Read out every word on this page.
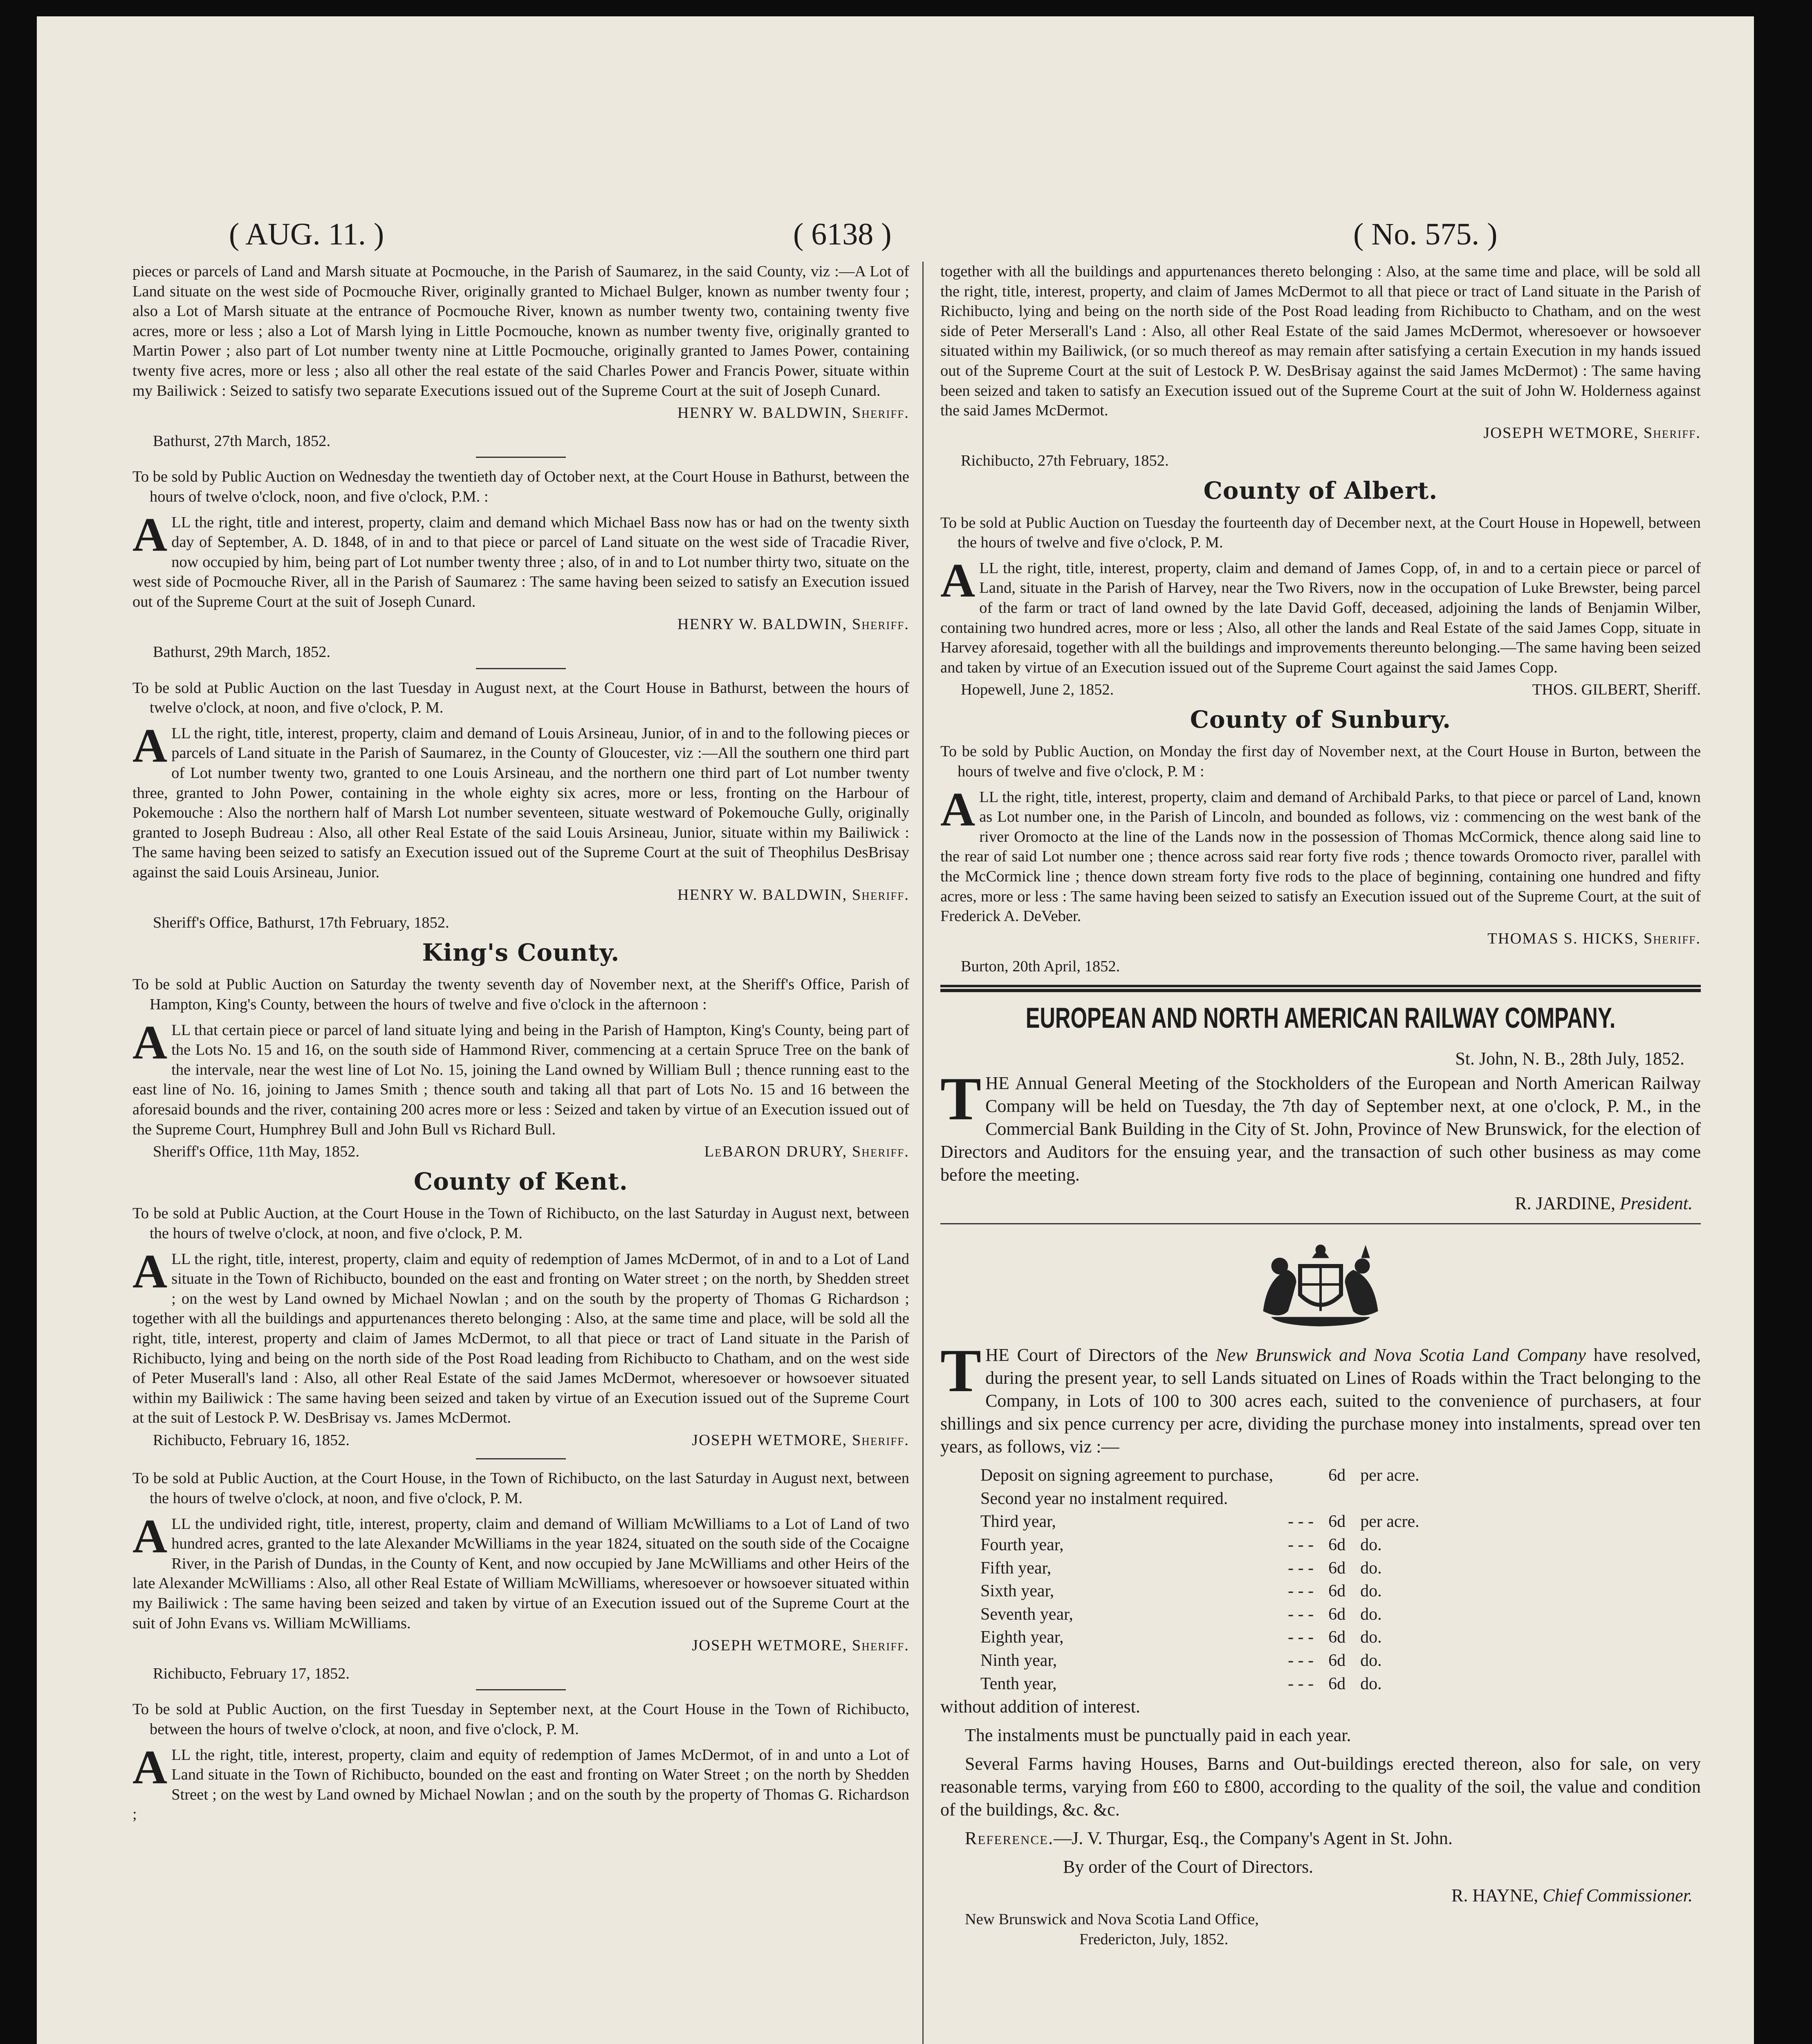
( AUG. 11. )	( 6138 )	( No. 575. )

pieces or parcels of Land and Marsh situate at Pocmouche, in the Parish of Saumarez, in the said County, viz :—A Lot of Land situate on the west side of Pocmouche River, originally granted to Michael Bulger, known as number twenty four ; also a Lot of Marsh situate at the entrance of Pocmouche River, known as number twenty two, containing twenty five acres, more or less ; also a Lot of Marsh lying in Little Pocmouche, known as number twenty five, originally granted to Martin Power ; also part of Lot number twenty nine at Little Pocmouche, originally granted to James Power, containing twenty five acres, more or less ; also all other the real estate of the said Charles Power and Francis Power, situate within my Bailiwick : Seized to satisfy two separate Executions issued out of the Supreme Court at the suit of Joseph Cunard.

HENRY W. BALDWIN, Sheriff.

Bathurst, 27th March, 1852.

To be sold by Public Auction on Wednesday the twentieth day of October next, at the Court House in Bathurst, between the hours of twelve o'clock, noon, and five o'clock, P.M. :

ALL the right, title and interest, property, claim and demand which Michael Bass now has or had on the twenty sixth day of September, A. D. 1848, of in and to that piece or parcel of Land situate on the west side of Tracadie River, now occupied by him, being part of Lot number twenty three ; also, of in and to Lot number thirty two, situate on the west side of Pocmouche River, all in the Parish of Saumarez : The same having been seized to satisfy an Execution issued out of the Supreme Court at the suit of Joseph Cunard.

HENRY W. BALDWIN, Sheriff.

Bathurst, 29th March, 1852.

To be sold at Public Auction on the last Tuesday in August next, at the Court House in Bathurst, between the hours of twelve o'clock, at noon, and five o'clock, P. M.

ALL the right, title, interest, property, claim and demand of Louis Arsineau, Junior, of in and to the following pieces or parcels of Land situate in the Parish of Saumarez, in the County of Gloucester, viz :—All the southern one third part of Lot number twenty two, granted to one Louis Arsineau, and the northern one third part of Lot number twenty three, granted to John Power, containing in the whole eighty six acres, more or less, fronting on the Harbour of Pokemouche : Also the northern half of Marsh Lot number seventeen, situate westward of Pokemouche Gully, originally granted to Joseph Budreau : Also, all other Real Estate of the said Louis Arsineau, Junior, situate within my Bailiwick : The same having been seized to satisfy an Execution issued out of the Supreme Court at the suit of Theophilus DesBrisay against the said Louis Arsineau, Junior.

HENRY W. BALDWIN, Sheriff.

Sheriff's Office, Bathurst, 17th February, 1852.

King's County.

To be sold at Public Auction on Saturday the twenty seventh day of November next, at the Sheriff's Office, Parish of Hampton, King's County, between the hours of twelve and five o'clock in the afternoon :

ALL that certain piece or parcel of land situate lying and being in the Parish of Hampton, King's County, being part of the Lots No. 15 and 16, on the south side of Hammond River, commencing at a certain Spruce Tree on the bank of the intervale, near the west line of Lot No. 15, joining the Land owned by William Bull ; thence running east to the east line of No. 16, joining to James Smith ; thence south and taking all that part of Lots No. 15 and 16 between the aforesaid bounds and the river, containing 200 acres more or less : Seized and taken by virtue of an Execution issued out of the Supreme Court, Humphrey Bull and John Bull vs Richard Bull.

Sheriff's Office, 11th May, 1852.	LeBARON DRURY, Sheriff.
County of Kent.

To be sold at Public Auction, at the Court House in the Town of Richibucto, on the last Saturday in August next, between the hours of twelve o'clock, at noon, and five o'clock, P. M.

ALL the right, title, interest, property, claim and equity of redemption of James McDermot, of in and to a Lot of Land situate in the Town of Richibucto, bounded on the east and fronting on Water street ; on the north, by Shedden street ; on the west by Land owned by Michael Nowlan ; and on the south by the property of Thomas G Richardson ; together with all the buildings and appurtenances thereto belonging : Also, at the same time and place, will be sold all the right, title, interest, property and claim of James McDermot, to all that piece or tract of Land situate in the Parish of Richibucto, lying and being on the north side of the Post Road leading from Richibucto to Chatham, and on the west side of Peter Muserall's land : Also, all other Real Estate of the said James McDermot, wheresoever or howsoever situated within my Bailiwick : The same having been seized and taken by virtue of an Execution issued out of the Supreme Court at the suit of Lestock P. W. DesBrisay vs. James McDermot.

Richibucto, February 16, 1852.	JOSEPH WETMORE, Sheriff.

To be sold at Public Auction, at the Court House, in the Town of Richibucto, on the last Saturday in August next, between the hours of twelve o'clock, at noon, and five o'clock, P. M.

ALL the undivided right, title, interest, property, claim and demand of William McWilliams to a Lot of Land of two hundred acres, granted to the late Alexander McWilliams in the year 1824, situated on the south side of the Cocaigne River, in the Parish of Dundas, in the County of Kent, and now occupied by Jane McWilliams and other Heirs of the late Alexander McWilliams : Also, all other Real Estate of William McWilliams, wheresoever or howsoever situated within my Bailiwick : The same having been seized and taken by virtue of an Execution issued out of the Supreme Court at the suit of John Evans vs. William McWilliams.

JOSEPH WETMORE, Sheriff.

Richibucto, February 17, 1852.

To be sold at Public Auction, on the first Tuesday in September next, at the Court House in the Town of Richibucto, between the hours of twelve o'clock, at noon, and five o'clock, P. M.

ALL the right, title, interest, property, claim and equity of redemption of James McDermot, of in and unto a Lot of Land situate in the Town of Richibucto, bounded on the east and fronting on Water Street ; on the north by Shedden Street ; on the west by Land owned by Michael Nowlan ; and on the south by the property of Thomas G. Richardson ;

together with all the buildings and appurtenances thereto belonging : Also, at the same time and place, will be sold all the right, title, interest, property, and claim of James McDermot to all that piece or tract of Land situate in the Parish of Richibucto, lying and being on the north side of the Post Road leading from Richibucto to Chatham, and on the west side of Peter Merserall's Land : Also, all other Real Estate of the said James McDermot, wheresoever or howsoever situated within my Bailiwick, (or so much thereof as may remain after satisfying a certain Execution in my hands issued out of the Supreme Court at the suit of Lestock P. W. DesBrisay against the said James McDermot) : The same having been seized and taken to satisfy an Execution issued out of the Supreme Court at the suit of John W. Holderness against the said James McDermot.

JOSEPH WETMORE, Sheriff.

Richibucto, 27th February, 1852.

County of Albert.

To be sold at Public Auction on Tuesday the fourteenth day of December next, at the Court House in Hopewell, between the hours of twelve and five o'clock, P. M.

ALL the right, title, interest, property, claim and demand of James Copp, of, in and to a certain piece or parcel of Land, situate in the Parish of Harvey, near the Two Rivers, now in the occupation of Luke Brewster, being parcel of the farm or tract of land owned by the late David Goff, deceased, adjoining the lands of Benjamin Wilber, containing two hundred acres, more or less ; Also, all other the lands and Real Estate of the said James Copp, situate in Harvey aforesaid, together with all the buildings and improvements thereunto belonging.—The same having been seized and taken by virtue of an Execution issued out of the Supreme Court against the said James Copp.

Hopewell, June 2, 1852.	THOS. GILBERT, Sheriff.
County of Sunbury.

To be sold by Public Auction, on Monday the first day of November next, at the Court House in Burton, between the hours of twelve and five o'clock, P. M :

ALL the right, title, interest, property, claim and demand of Archibald Parks, to that piece or parcel of Land, known as Lot number one, in the Parish of Lincoln, and bounded as follows, viz : commencing on the west bank of the river Oromocto at the line of the Lands now in the possession of Thomas McCormick, thence along said line to the rear of said Lot number one ; thence across said rear forty five rods ; thence towards Oromocto river, parallel with the McCormick line ; thence down stream forty five rods to the place of beginning, containing one hundred and fifty acres, more or less : The same having been seized to satisfy an Execution issued out of the Supreme Court, at the suit of Frederick A. DeVeber.

THOMAS S. HICKS, Sheriff.

Burton, 20th April, 1852.

EUROPEAN AND NORTH AMERICAN RAILWAY COMPANY.

St. John, N. B., 28th July, 1852.

THE Annual General Meeting of the Stockholders of the European and North American Railway Company will be held on Tuesday, the 7th day of September next, at one o'clock, P. M., in the Commercial Bank Building in the City of St. John, Province of New Brunswick, for the election of Directors and Auditors for the ensuing year, and the transaction of such other business as may come before the meeting.

R. JARDINE, President.

THE Court of Directors of the New Brunswick and Nova Scotia Land Company have resolved, during the present year, to sell Lands situated on Lines of Roads within the Tract belonging to the Company, in Lots of 100 to 300 acres each, suited to the convenience of purchasers, at four shillings and six pence currency per acre, dividing the purchase money into instalments, spread over ten years, as follows, viz :—

Deposit on signing agreement to purchase,		6d	per acre.
Second year no instalment required.			
Third year,	- - -	6d	per acre.
Fourth year,	- - -	6d	do.
Fifth year,	- - -	6d	do.
Sixth year,	- - -	6d	do.
Seventh year,	- - -	6d	do.
Eighth year,	- - -	6d	do.
Ninth year,	- - -	6d	do.
Tenth year,	- - -	6d	do.

without addition of interest.

The instalments must be punctually paid in each year.

Several Farms having Houses, Barns and Out-buildings erected thereon, also for sale, on very reasonable terms, varying from £60 to £800, according to the quality of the soil, the value and condition of the buildings, &c. &c.

Reference.—J. V. Thurgar, Esq., the Company's Agent in St. John.

By order of the Court of Directors.

R. HAYNE, Chief Commissioner.

New Brunswick and Nova Scotia Land Office,

Fredericton, July, 1852.
